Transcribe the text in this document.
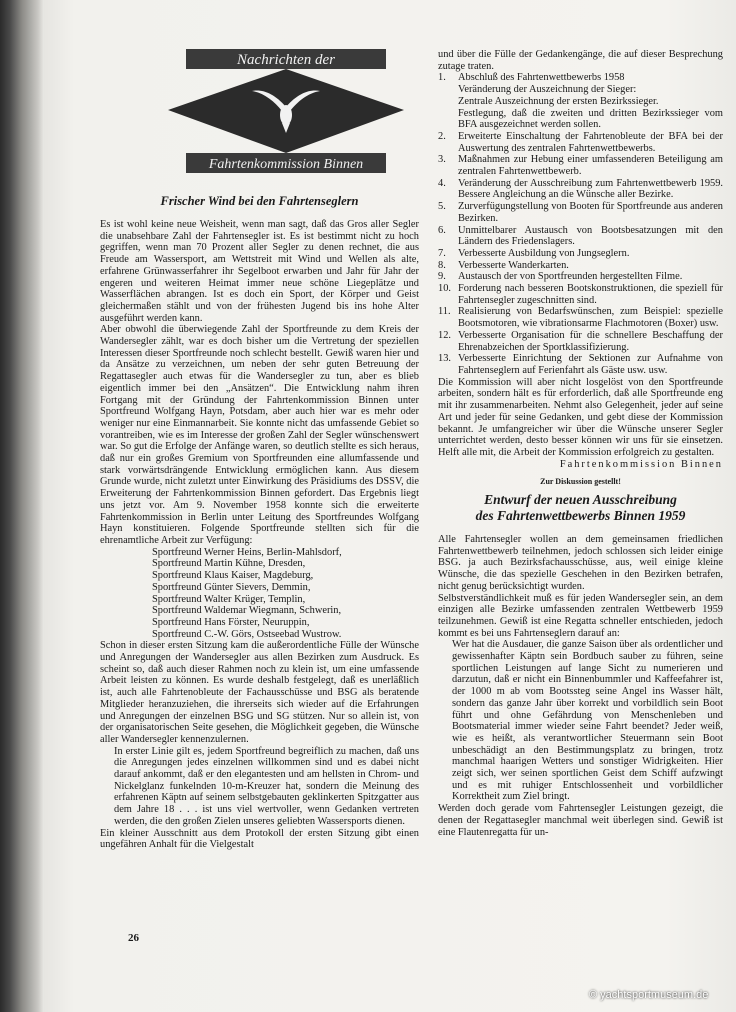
Nachrichten der
Fahrtenkommission Binnen
Frischer Wind bei den Fahrtenseglern

Es ist wohl keine neue Weisheit, wenn man sagt, daß das Gros aller Segler die unabsehbare Zahl der Fahrtensegler ist. Es ist bestimmt nicht zu hoch gegriffen, wenn man 70 Prozent aller Segler zu denen rechnet, die aus Freude am Wassersport, am Wettstreit mit Wind und Wellen als alte, erfahrene Grünwasserfahrer ihr Segelboot erwarben und Jahr für Jahr der engeren und weiteren Heimat immer neue schöne Liegeplätze und Wasserflächen abrangen. Ist es doch ein Sport, der Körper und Geist gleichermaßen stählt und von der frühesten Jugend bis ins hohe Alter ausgeführt werden kann.

Aber obwohl die überwiegende Zahl der Sportfreunde zu dem Kreis der Wandersegler zählt, war es doch bisher um die Vertretung der speziellen Interessen dieser Sportfreunde noch schlecht bestellt. Gewiß waren hier und da Ansätze zu verzeichnen, um neben der sehr guten Betreuung der Regattasegler auch etwas für die Wandersegler zu tun, aber es blieb eigentlich immer bei den „Ansätzen“. Die Entwicklung nahm ihren Fortgang mit der Gründung der Fahrtenkommission Binnen unter Sportfreund Wolfgang Hayn, Potsdam, aber auch hier war es mehr oder weniger nur eine Einmannarbeit. Sie konnte nicht das umfassende Gebiet so vorantreiben, wie es im Interesse der großen Zahl der Segler wünschenswert war. So gut die Erfolge der Anfänge waren, so deutlich stellte es sich heraus, daß nur ein großes Gremium von Sportfreunden eine allumfassende und stark vorwärtsdrängende Entwicklung ermöglichen kann. Aus diesem Grunde wurde, nicht zuletzt unter Einwirkung des Präsidiums des DSSV, die Erweiterung der Fahrtenkommission Binnen gefordert. Das Ergebnis liegt uns jetzt vor. Am 9. November 1958 konnte sich die erweiterte Fahrtenkommission in Berlin unter Leitung des Sportfreundes Wolfgang Hayn konstituieren. Folgende Sportfreunde stellten sich für die ehrenamtliche Arbeit zur Verfügung:

Sportfreund Werner Heins, Berlin-Mahlsdorf,
Sportfreund Martin Kühne, Dresden,
Sportfreund Klaus Kaiser, Magdeburg,
Sportfreund Günter Sievers, Demmin,
Sportfreund Walter Krüger, Templin,
Sportfreund Waldemar Wiegmann, Schwerin,
Sportfreund Hans Förster, Neuruppin,
Sportfreund C.-W. Görs, Ostseebad Wustrow.

Schon in dieser ersten Sitzung kam die außerordentliche Fülle der Wünsche und Anregungen der Wandersegler aus allen Bezirken zum Ausdruck. Es scheint so, daß auch dieser Rahmen noch zu klein ist, um eine umfassende Arbeit leisten zu können. Es wurde deshalb festgelegt, daß es unerläßlich ist, auch alle Fahrtenobleute der Fachausschüsse und BSG als beratende Mitglieder heranzuziehen, die ihrerseits sich wieder auf die Erfahrungen und Anregungen der einzelnen BSG und SG stützen. Nur so allein ist, von der organisatorischen Seite gesehen, die Möglichkeit gegeben, die Wünsche aller Wandersegler kennenzulernen.

In erster Linie gilt es, jedem Sportfreund begreiflich zu machen, daß uns die Anregungen jedes einzelnen willkommen sind und es dabei nicht darauf ankommt, daß er den elegantesten und am hellsten in Chrom- und Nickelglanz funkelnden 10-m-Kreuzer hat, sondern die Meinung des erfahrenen Käptn auf seinem selbstgebauten geklinkerten Spitzgatter aus dem Jahre 18 . . . ist uns viel wertvoller, wenn Gedanken vertreten werden, die den großen Zielen unseres geliebten Wassersports dienen.

Ein kleiner Ausschnitt aus dem Protokoll der ersten Sitzung gibt einen ungefähren Anhalt für die Vielgestalt

und über die Fülle der Gedankengänge, die auf dieser Besprechung zutage traten.

1.	Abschluß des Fahrtenwettbewerbs 1958
Veränderung der Auszeichnung der Sieger:
Zentrale Auszeichnung der ersten Bezirkssieger.
Festlegung, daß die zweiten und dritten Bezirkssieger vom BFA ausgezeichnet werden sollen.
2.	Erweiterte Einschaltung der Fahrtenobleute der BFA bei der Auswertung des zentralen Fahrtenwettbewerbs.
3.	Maßnahmen zur Hebung einer umfassenderen Beteiligung am zentralen Fahrtenwettbewerb.
4.	Veränderung der Ausschreibung zum Fahrtenwettbewerb 1959. Bessere Angleichung an die Wünsche aller Bezirke.
5.	Zurverfügungstellung von Booten für Sportfreunde aus anderen Bezirken.
6.	Unmittelbarer Austausch von Bootsbesatzungen mit den Ländern des Friedenslagers.
7.	Verbesserte Ausbildung von Jungseglern.
8.	Verbesserte Wanderkarten.
9.	Austausch der von Sportfreunden hergestellten Filme.
10. Forderung nach besseren Bootskonstruktionen, die speziell für Fahrtensegler zugeschnitten sind.
11. Realisierung von Bedarfswünschen, zum Beispiel: spezielle Bootsmotoren, wie vibrationsarme Flachmotoren (Boxer) usw.
12. Verbesserte Organisation für die schnellere Beschaffung der Ehrenabzeichen der Sportklassifizierung.
13. Verbesserte Einrichtung der Sektionen zur Aufnahme von Fahrtenseglern auf Ferienfahrt als Gäste usw. usw.

Die Kommission will aber nicht losgelöst von den Sportfreunde arbeiten, sondern hält es für erforderlich, daß alle Sportfreunde eng mit ihr zusammenarbeiten. Nehmt also Gelegenheit, jeder auf seine Art und jeder für seine Gedanken, und gebt diese der Kommission bekannt. Je umfangreicher wir über die Wünsche unserer Segler unterrichtet werden, desto besser können wir uns für sie einsetzen. Helft alle mit, die Arbeit der Kommission erfolgreich zu gestalten.

Fahrtenkommission Binnen

Zur Diskussion gestellt!
Entwurf der neuen Ausschreibung
des Fahrtenwettbewerbs Binnen 1959

Alle Fahrtensegler wollen an dem gemeinsamen friedlichen Fahrtenwettbewerb teilnehmen, jedoch schlossen sich leider einige BSG. ja auch Bezirksfachausschüsse, aus, weil einige kleine Wünsche, die das spezielle Geschehen in den Bezirken betrafen, nicht genug berücksichtigt wurden.

Selbstverständlichkeit muß es für jeden Wandersegler sein, an dem einzigen alle Bezirke umfassenden zentralen Wettbewerb 1959 teilzunehmen. Gewiß ist eine Regatta schneller entschieden, jedoch kommt es bei uns Fahrtenseglern darauf an:

Wer hat die Ausdauer, die ganze Saison über als ordentlicher und gewissenhafter Käptn sein Bordbuch sauber zu führen, seine sportlichen Leistungen auf lange Sicht zu numerieren und darzutun, daß er nicht ein Binnenbummler und Kaffeefahrer ist, der 1000 m ab vom Bootssteg seine Angel ins Wasser hält, sondern das ganze Jahr über korrekt und vorbildlich sein Boot führt und ohne Gefährdung von Menschenleben und Bootsmaterial immer wieder seine Fahrt beendet? Jeder weiß, wie es heißt, als verantwortlicher Steuermann sein Boot unbeschädigt an den Bestimmungsplatz zu bringen, trotz manchmal haarigen Wetters und sonstiger Widrigkeiten. Hier zeigt sich, wer seinen sportlichen Geist dem Schiff aufzwingt und es mit ruhiger Entschlossenheit und vorbildlicher Korrektheit zum Ziel bringt.

Werden doch gerade vom Fahrtensegler Leistungen gezeigt, die denen der Regattasegler manchmal weit überlegen sind. Gewiß ist eine Flautenregatta für un-

26
© yachtsportmuseum.de
